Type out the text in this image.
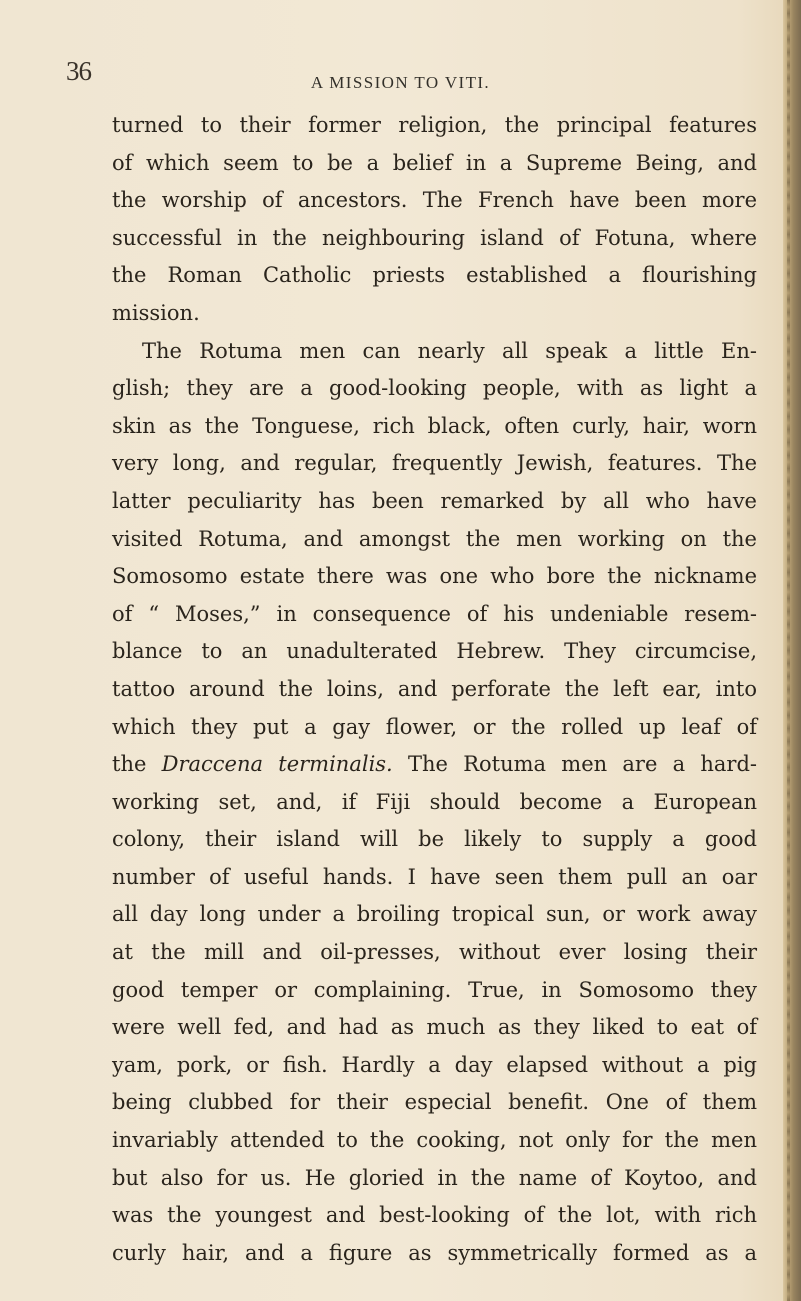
36	A MISSION TO VITI.
turned to their former religion, the principal features
of which seem to be a belief in a Supreme Being, and
the worship of ancestors. The French have been more
successful in the neighbouring island of Fotuna, where
the Roman Catholic priests established a flourishing
mission.
The Rotuma men can nearly all speak a little En-
glish; they are a good-looking people, with as light a
skin as the Tonguese, rich black, often curly, hair, worn
very long, and regular, frequently Jewish, features. The
latter peculiarity has been remarked by all who have
visited Rotuma, and amongst the men working on the
Somosomo estate there was one who bore the nickname
of “ Moses,” in consequence of his undeniable resem-
blance to an unadulterated Hebrew. They circumcise,
tattoo around the loins, and perforate the left ear, into
which they put a gay flower, or the rolled up leaf of
the Draccena terminalis. The Rotuma men are a hard-
working set, and, if Fiji should become a European
colony, their island will be likely to supply a good
number of useful hands. I have seen them pull an oar
all day long under a broiling tropical sun, or work away
at the mill and oil-presses, without ever losing their
good temper or complaining. True, in Somosomo they
were well fed, and had as much as they liked to eat of
yam, pork, or fish. Hardly a day elapsed without a pig
being clubbed for their especial benefit. One of them
invariably attended to the cooking, not only for the men
but also for us. He gloried in the name of Koytoo, and
was the youngest and best-looking of the lot, with rich
curly hair, and a figure as symmetrically formed as a
